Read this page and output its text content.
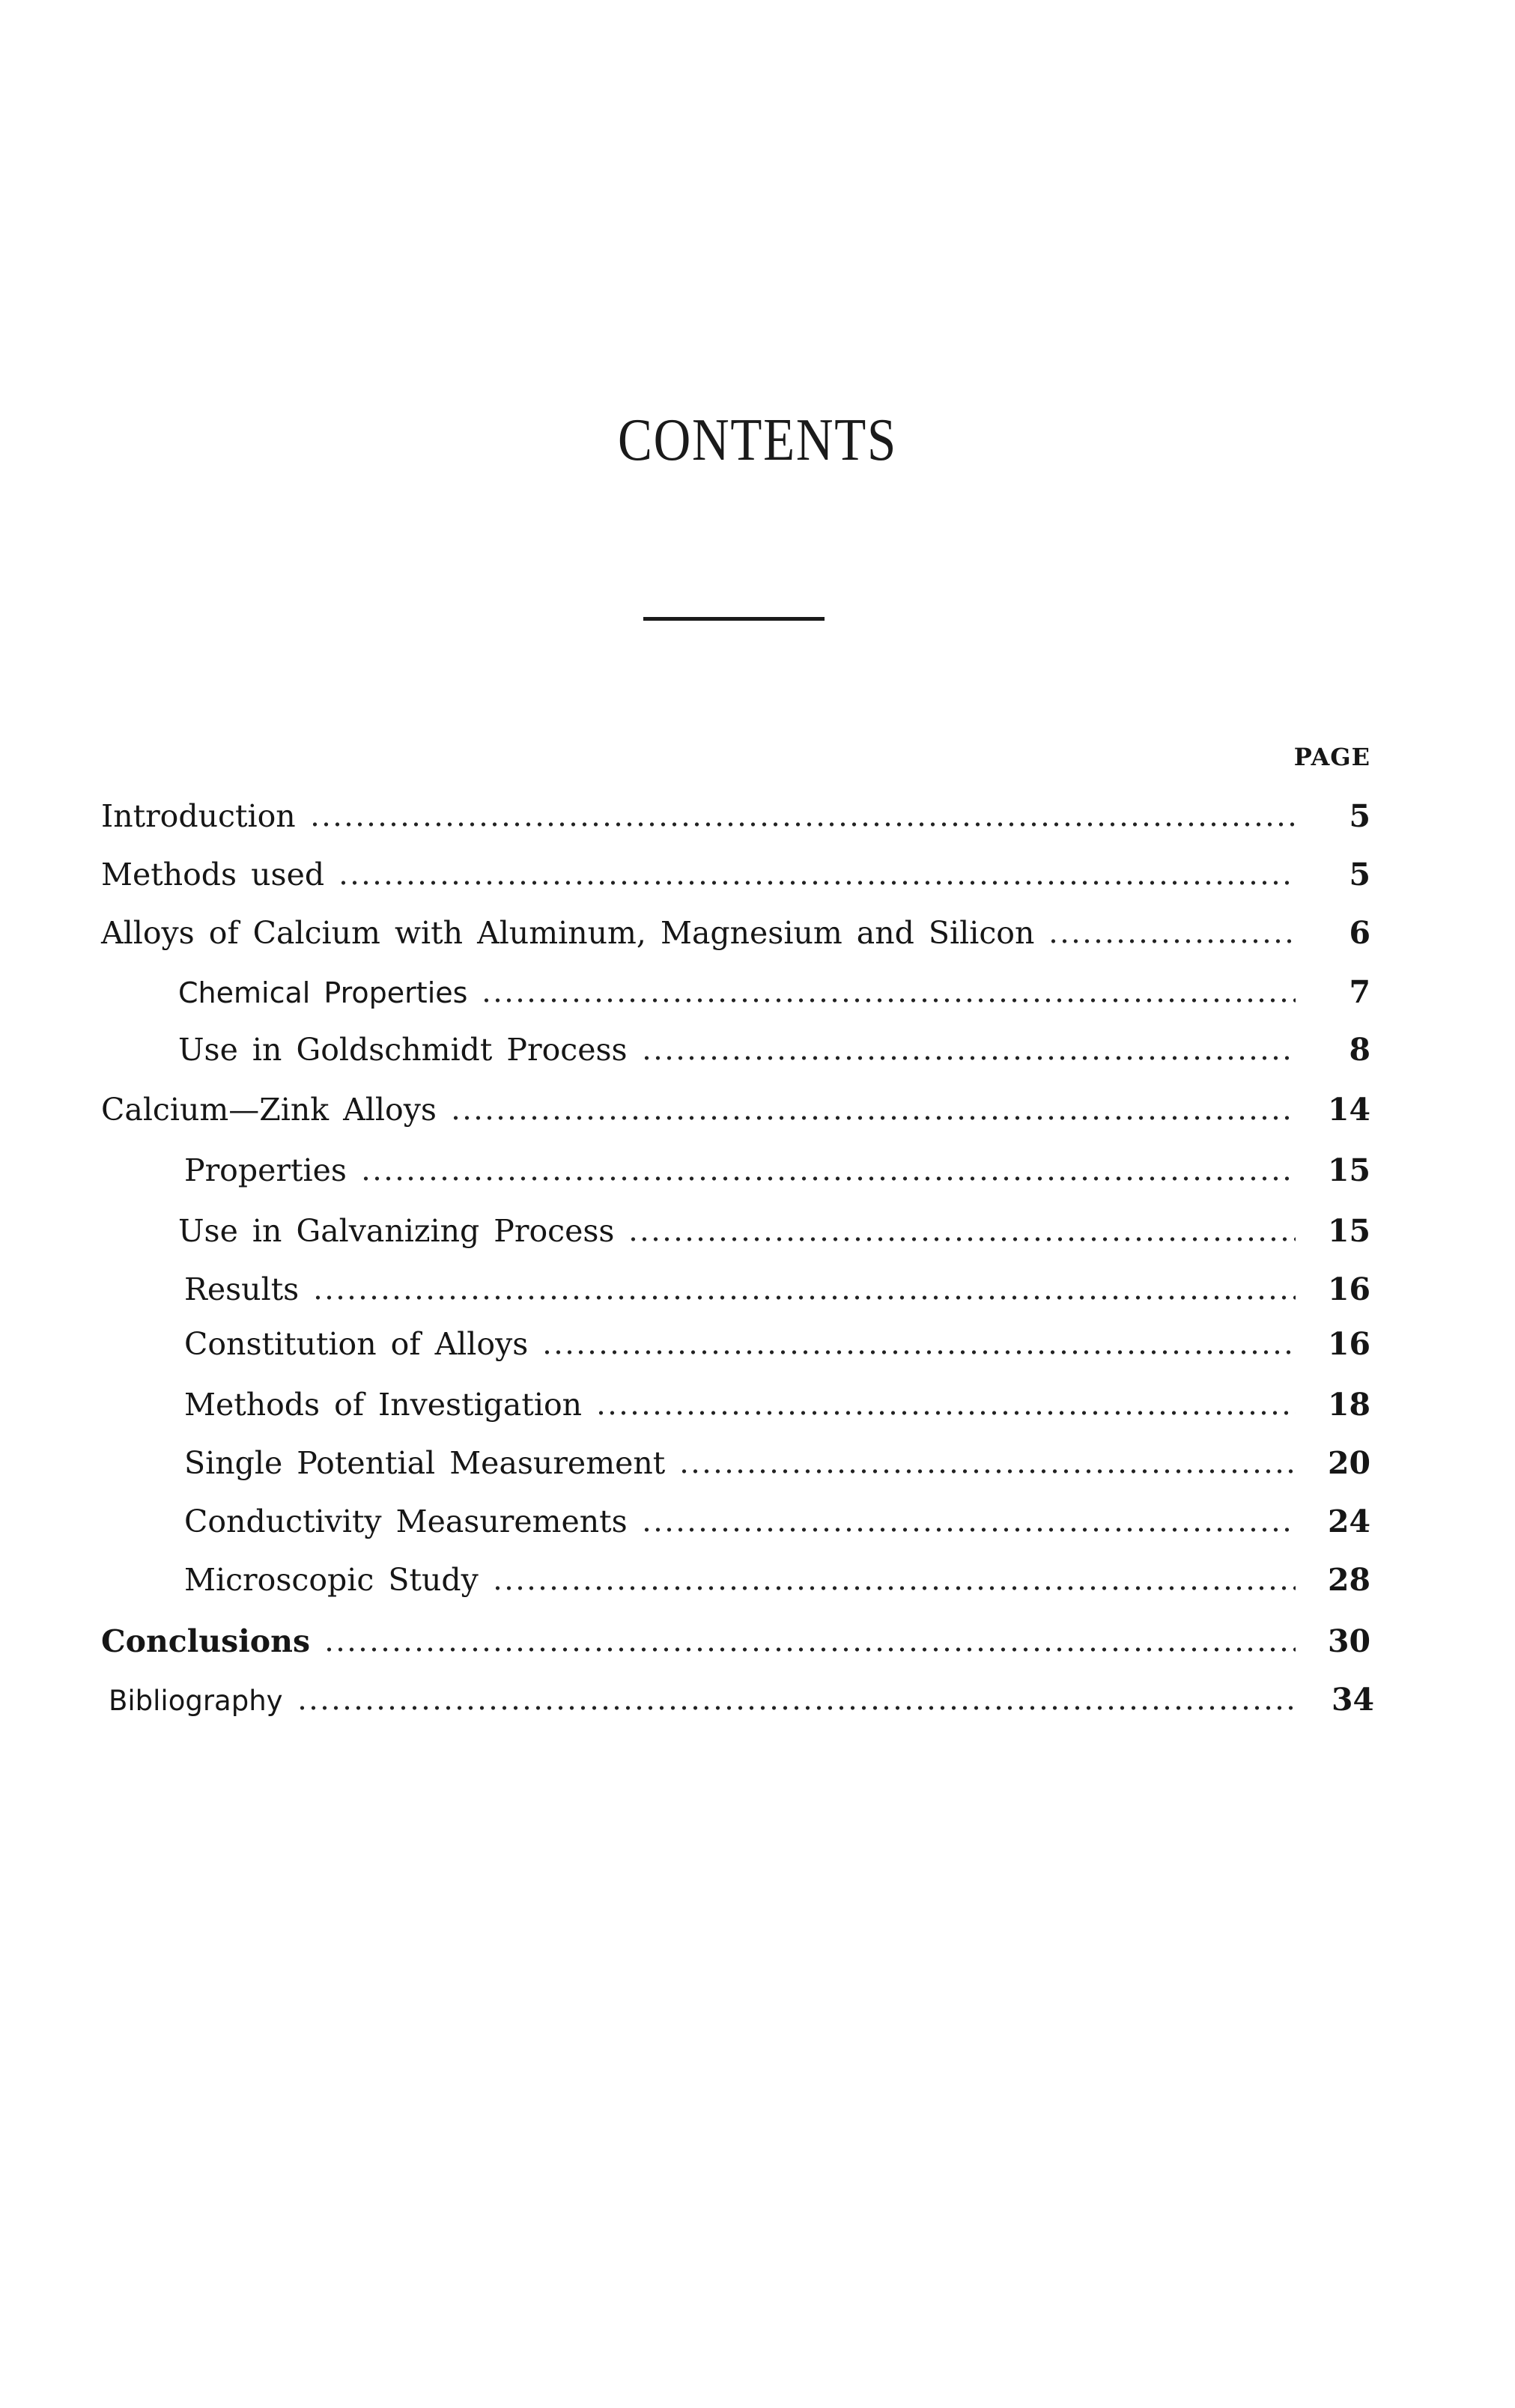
CONTENTS
PAGE
Introduction	5
Methods used	5
Alloys of Calcium with Aluminum, Magnesium and Silicon	6
Chemical Properties	7
Use in Goldschmidt Process	8
Calcium—Zink Alloys	14
Properties	15
Use in Galvanizing Process	15
Results	16
Constitution of Alloys	16
Methods of Investigation	18
Single Potential Measurement	20
Conductivity Measurements	24
Microscopic Study	28
Conclusions	30
Bibliography	34
